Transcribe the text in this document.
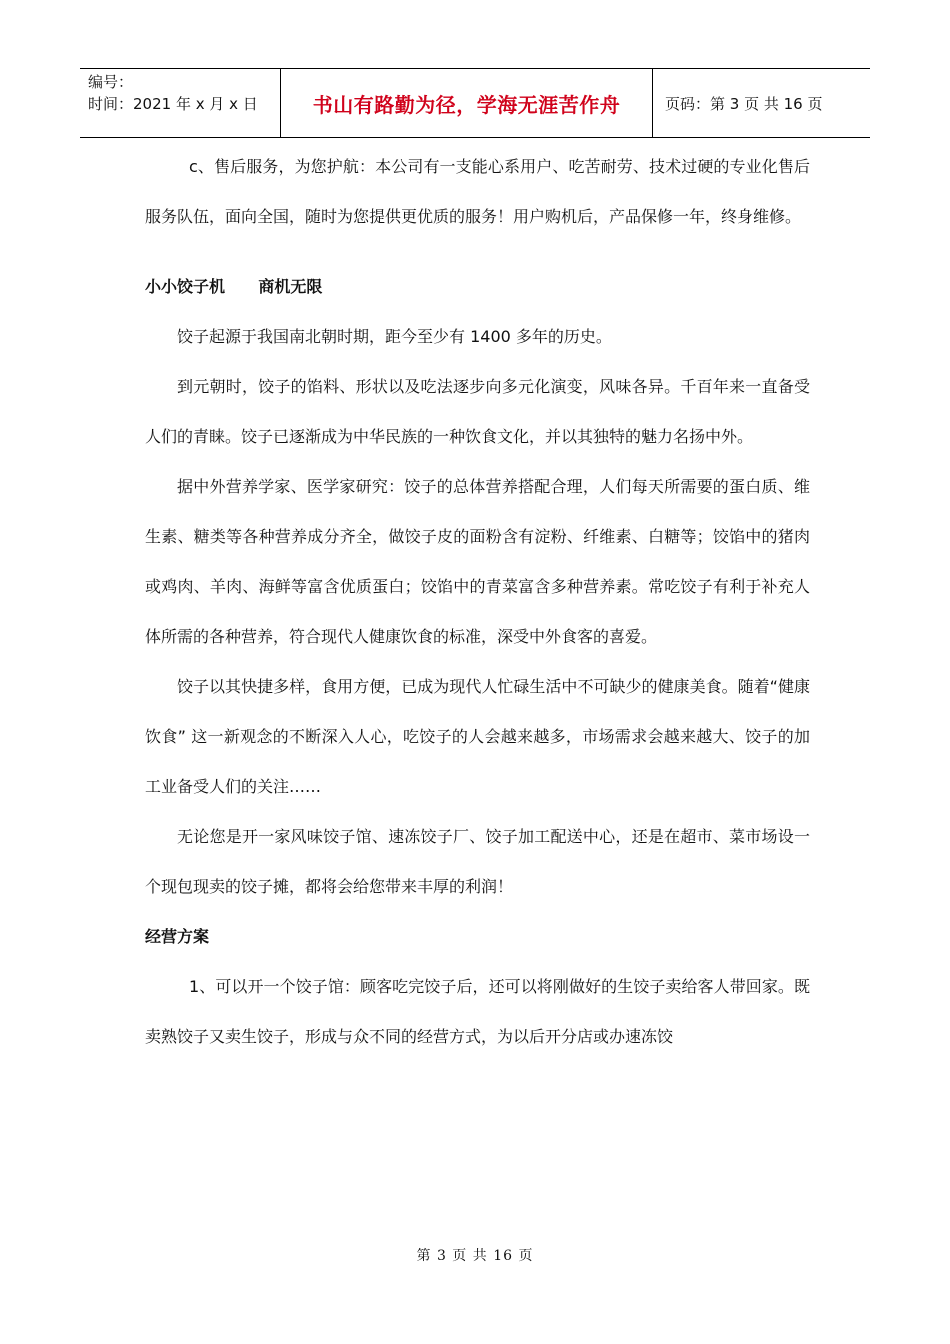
编号：
时间：2021 年 x 月 x 日	书山有路勤为径，学海无涯苦作舟	页码：第 3 页 共 16 页

c、售后服务，为您护航：本公司有一支能心系用户、吃苦耐劳、技术过硬的专业化售后服务队伍，面向全国，随时为您提供更优质的服务！用户购机后，产品保修一年，终身维修。

小小饺子机      商机无限

饺子起源于我国南北朝时期，距今至少有 1400 多年的历史。

到元朝时，饺子的馅料、形状以及吃法逐步向多元化演变，风味各异。千百年来一直备受人们的青睐。饺子已逐渐成为中华民族的一种饮食文化，并以其独特的魅力名扬中外。

据中外营养学家、医学家研究：饺子的总体营养搭配合理，人们每天所需要的蛋白质、维生素、糖类等各种营养成分齐全，做饺子皮的面粉含有淀粉、纤维素、白糖等；饺馅中的猪肉或鸡肉、羊肉、海鲜等富含优质蛋白；饺馅中的青菜富含多种营养素。常吃饺子有利于补充人体所需的各种营养，符合现代人健康饮食的标准，深受中外食客的喜爱。

饺子以其快捷多样，食用方便，已成为现代人忙碌生活中不可缺少的健康美食。随着“健康饮食” 这一新观念的不断深入人心，吃饺子的人会越来越多，市场需求会越来越大、饺子的加工业备受人们的关注……

无论您是开一家风味饺子馆、速冻饺子厂、饺子加工配送中心，还是在超市、菜市场设一个现包现卖的饺子摊，都将会给您带来丰厚的利润！

经营方案

1、可以开一个饺子馆：顾客吃完饺子后，还可以将刚做好的生饺子卖给客人带回家。既卖熟饺子又卖生饺子，形成与众不同的经营方式，为以后开分店或办速冻饺

第 3 页 共 16 页
